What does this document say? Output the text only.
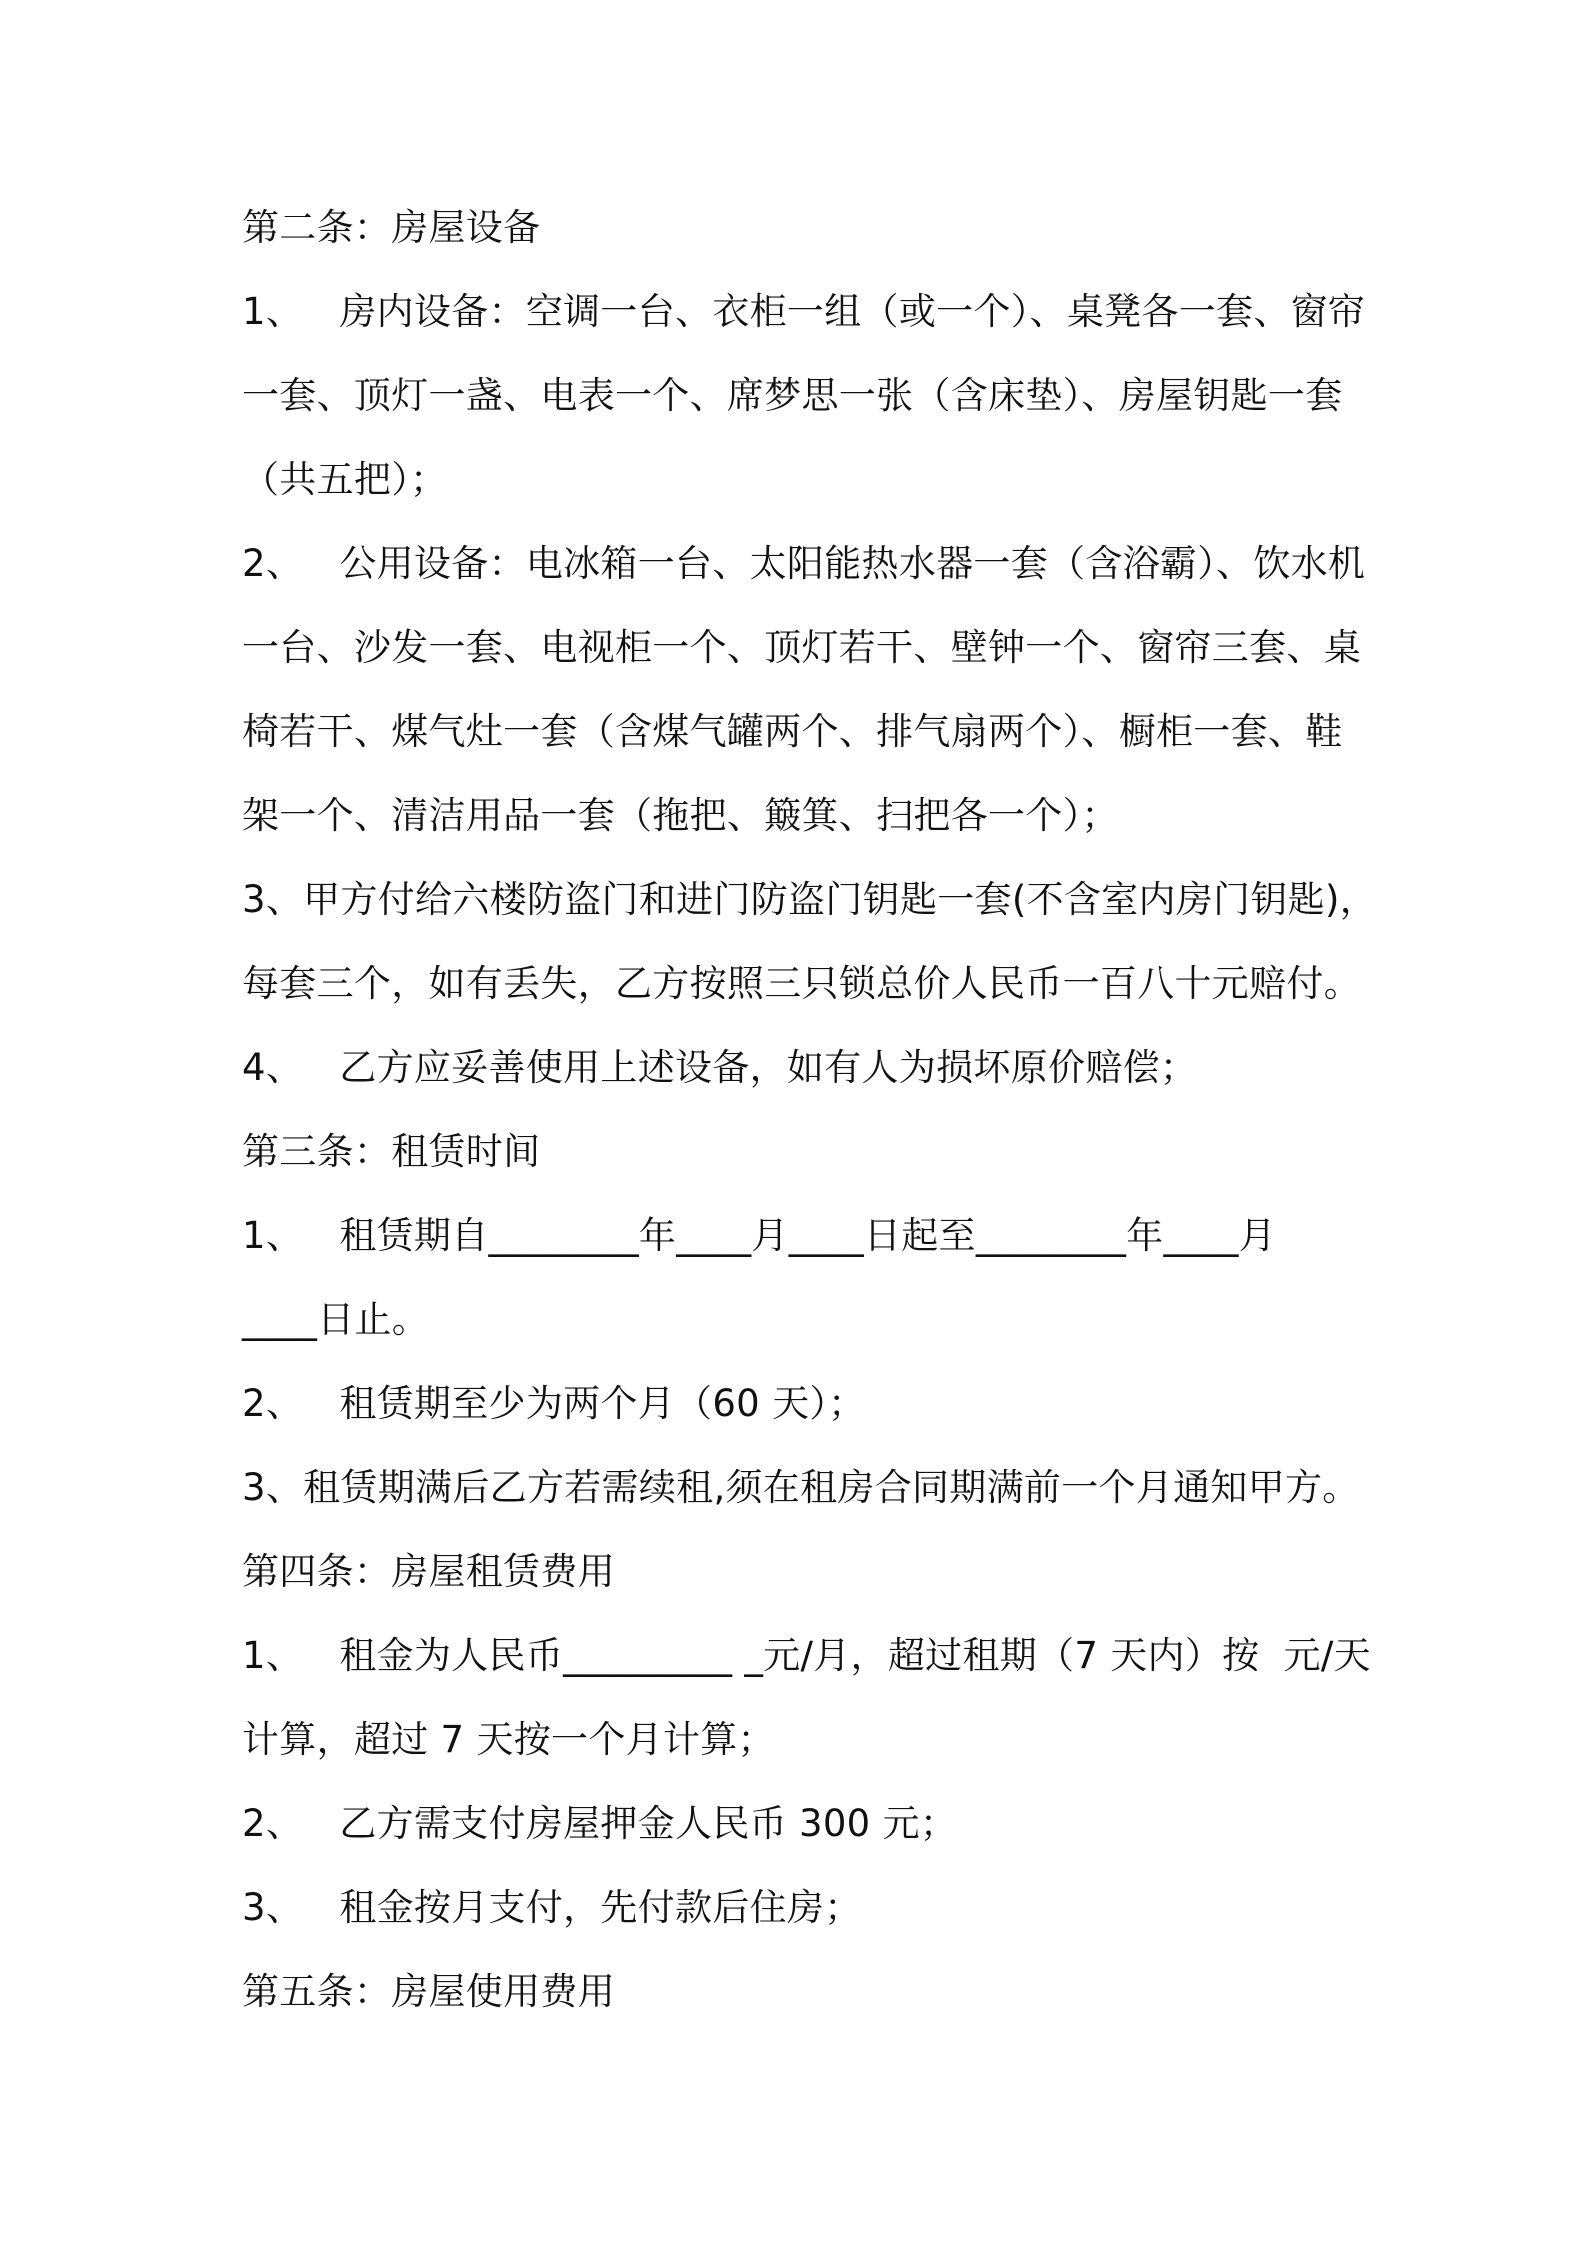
第二条：房屋设备
1、   房内设备：空调一台、衣柜一组（或一个）、桌凳各一套、窗帘
一套、顶灯一盏、电表一个、席梦思一张（含床垫）、房屋钥匙一套
（共五把）；
2、   公用设备：电冰箱一台、太阳能热水器一套（含浴霸）、饮水机
一台、沙发一套、电视柜一个、顶灯若干、壁钟一个、窗帘三套、桌
椅若干、煤气灶一套（含煤气罐两个、排气扇两个）、橱柜一套、鞋
架一个、清洁用品一套（拖把、簸箕、扫把各一个）；
3、甲方付给六楼防盗门和进门防盗门钥匙一套(不含室内房门钥匙)，
每套三个，如有丢失，乙方按照三只锁总价人民币一百八十元赔付。
4、   乙方应妥善使用上述设备，如有人为损坏原价赔偿；
第三条：租赁时间
1、   租赁期自________年____月____日起至________年____月
____日止。
2、   租赁期至少为两个月（60 天）；
3、租赁期满后乙方若需续租,须在租房合同期满前一个月通知甲方。
第四条：房屋租赁费用
1、   租金为人民币_________ _元/月，超过租期（7 天内）按  元/天
计算，超过 7 天按一个月计算；
2、   乙方需支付房屋押金人民币 300 元；
3、   租金按月支付，先付款后住房；
第五条：房屋使用费用
